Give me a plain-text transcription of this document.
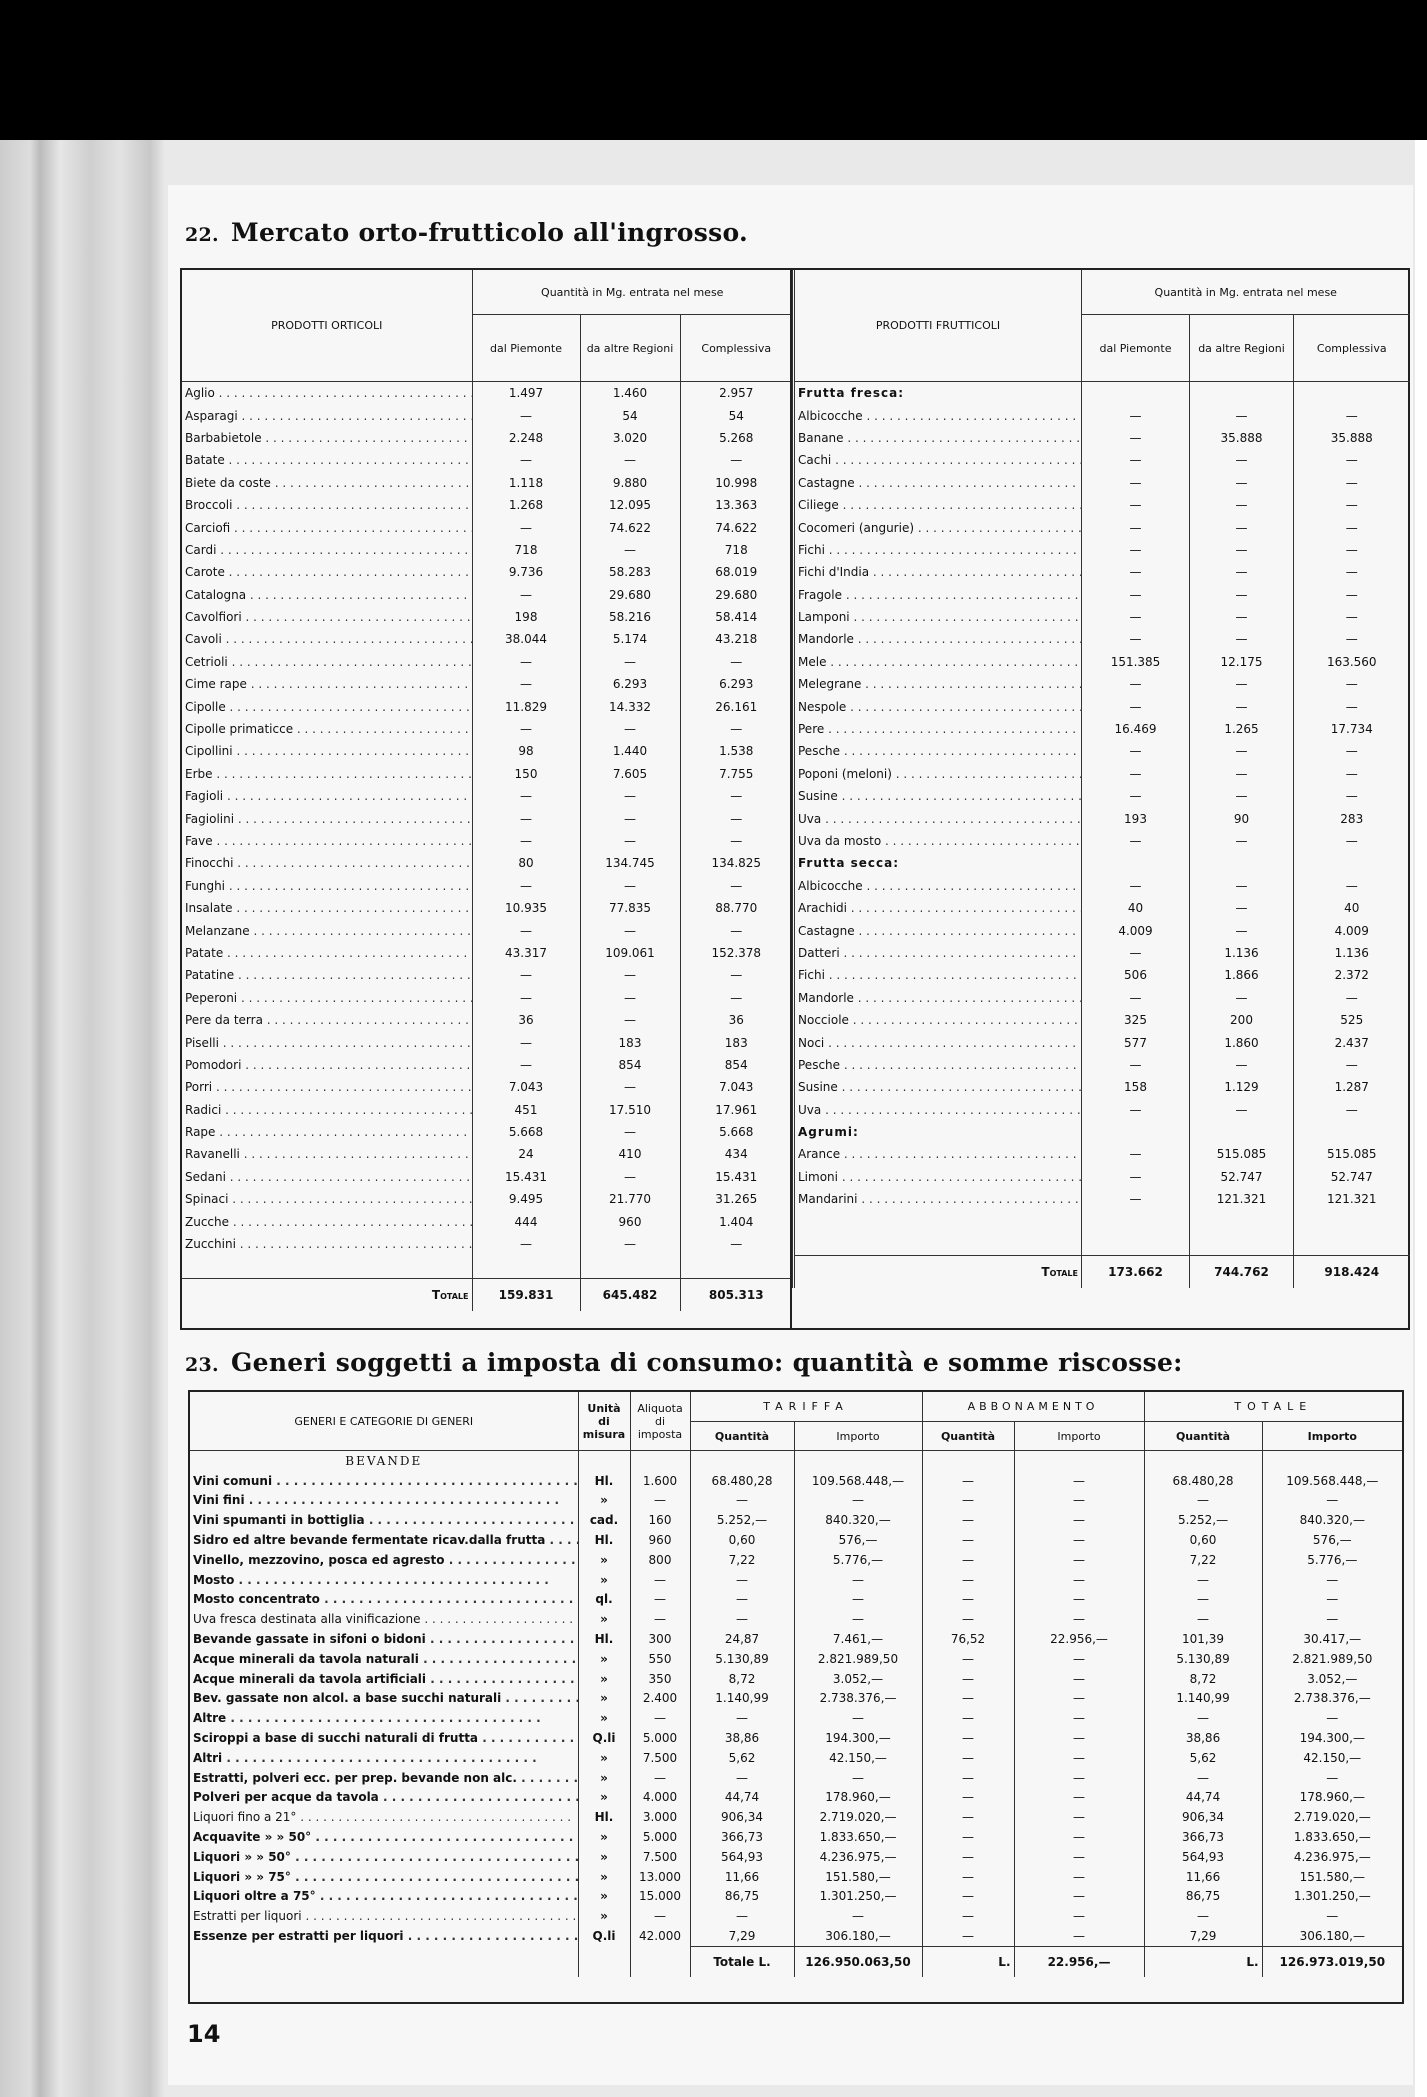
22. Mercato orto-frutticolo all'ingrosso.
PRODOTTI ORTICOLI	Quantità in Mg. entrata nel mese		
	dal Piemonte	da altre Regioni	Complessiva
Aglio . . .	1.497	1.460	2.957
Asparagi . . .	—	54	54
Barbabietole . . .	2.248	3.020	5.268
Batate . . .	—	—	—
Biete da coste . . .	1.118	9.880	10.998
Broccoli . . .	1.268	12.095	13.363
Carciofi . . .	—	74.622	74.622
Cardi . . .	718	—	718
Carote . . .	9.736	58.283	68.019
Catalogna . . .	—	29.680	29.680
Cavolfiori . . .	198	58.216	58.414
Cavoli . . .	38.044	5.174	43.218
Cetrioli . . .	—	—	—
Cime rape . . .	—	6.293	6.293
Cipolle . . .	11.829	14.332	26.161
Cipolle primaticce . . .	—	—	—
Cipollini . . .	98	1.440	1.538
Erbe . . .	150	7.605	7.755
Fagioli . . .	—	—	—
Fagiolini . . .	—	—	—
Fave . . .	—	—	—
Finocchi . . .	80	134.745	134.825
Funghi . . .	—	—	—
Insalate . . .	10.935	77.835	88.770
Melanzane . . .	—	—	—
Patate . . .	43.317	109.061	152.378
Patatine . . .	—	—	—
Peperoni . . .	—	—	—
Pere da terra . . .	36	—	36
Piselli . . .	—	183	183
Pomodori . . .	—	854	854
Porri . . .	7.043	—	7.043
Radici . . .	451	17.510	17.961
Rape . . .	5.668	—	5.668
Ravanelli . . .	24	410	434
Sedani . . .	15.431	—	15.431
Spinaci . . .	9.495	21.770	31.265
Zucche . . .	444	960	1.404
Zucchini . . .	—	—	—

Totale	159.831	645.482	805.313
PRODOTTI FRUTTICOLI	Quantità in Mg. entrata nel mese		
	dal Piemonte	da altre Regioni	Complessiva
Frutta fresca:			
Albicocche . . .	—	—	—
Banane . . .	—	35.888	35.888
Cachi . . .	—	—	—
Castagne . . .	—	—	—
Ciliege . . .	—	—	—
Cocomeri (angurie) . . .	—	—	—
Fichi . . .	—	—	—
Fichi d'India . . .	—	—	—
Fragole . . .	—	—	—
Lamponi . . .	—	—	—
Mandorle . . .	—	—	—
Mele . . .	151.385	12.175	163.560
Melegrane . . .	—	—	—
Nespole . . .	—	—	—
Pere . . .	16.469	1.265	17.734
Pesche . . .	—	—	—
Poponi (meloni) . . .	—	—	—
Susine . . .	—	—	—
Uva . . .	193	90	283
Uva da mosto . . .	—	—	—
Frutta secca:			
Albicocche . . .	—	—	—
Arachidi . . .	40	—	40
Castagne . . .	4.009	—	4.009
Datteri . . .	—	1.136	1.136
Fichi . . .	506	1.866	2.372
Mandorle . . .	—	—	—
Nocciole . . .	325	200	525
Noci . . .	577	1.860	2.437
Pesche . . .	—	—	—
Susine . . .	158	1.129	1.287
Uva . . .	—	—	—
Agrumi:			
Arance . . .	—	515.085	515.085
Limoni . . .	—	52.747	52.747
Mandarini . . .	—	121.321	121.321

Totale	173.662	744.762	918.424
23. Generi soggetti a imposta di consumo: quantità e somme riscosse:
GENERI E CATEGORIE DI GENERI	Unità di misura	Aliquota di imposta	TARIFFA		ABBONAMENTO		TOTALE	
			Quantità	Importo	Quantità	Importo	Quantità	Importo
BEVANDE								
Vini comuni . . .	Hl.	1.600	68.480,28	109.568.448,—	—	—	68.480,28	109.568.448,—
Vini fini . . .	»	—	—	—	—	—	—	—
Vini spumanti in bottiglia . . .	cad.	160	5.252,—	840.320,—	—	—	5.252,—	840.320,—
Sidro ed altre bevande fermentate ricav.dalla frutta . . .	Hl.	960	0,60	576,—	—	—	0,60	576,—
Vinello, mezzovino, posca ed agresto . . .	»	800	7,22	5.776,—	—	—	7,22	5.776,—
Mosto . . .	»	—	—	—	—	—	—	—
Mosto concentrato . . .	ql.	—	—	—	—	—	—	—
Uva fresca destinata alla vinificazione . . .	»	—	—	—	—	—	—	—
Bevande gassate in sifoni o bidoni . . .	Hl.	300	24,87	7.461,—	76,52	22.956,—	101,39	30.417,—
Acque minerali da tavola naturali . . .	»	550	5.130,89	2.821.989,50	—	—	5.130,89	2.821.989,50
Acque minerali da tavola artificiali . . .	»	350	8,72	3.052,—	—	—	8,72	3.052,—
Bev. gassate non alcol. a base succhi naturali . . .	»	2.400	1.140,99	2.738.376,—	—	—	1.140,99	2.738.376,—
Altre . . .	»	—	—	—	—	—	—	—
Sciroppi a base di succhi naturali di frutta . . .	Q.li	5.000	38,86	194.300,—	—	—	38,86	194.300,—
Altri . . .	»	7.500	5,62	42.150,—	—	—	5,62	42.150,—
Estratti, polveri ecc. per prep. bevande non alc. . . .	»	—	—	—	—	—	—	—
Polveri per acque da tavola . . .	»	4.000	44,74	178.960,—	—	—	44,74	178.960,—
Liquori fino a 21° . . .	Hl.	3.000	906,34	2.719.020,—	—	—	906,34	2.719.020,—
Acquavite » » 50° . . .	»	5.000	366,73	1.833.650,—	—	—	366,73	1.833.650,—
Liquori » » 50° . . .	»	7.500	564,93	4.236.975,—	—	—	564,93	4.236.975,—
Liquori » » 75° . . .	»	13.000	11,66	151.580,—	—	—	11,66	151.580,—
Liquori oltre a 75° . . .	»	15.000	86,75	1.301.250,—	—	—	86,75	1.301.250,—
Estratti per liquori . . .	»	—	—	—	—	—	—	—
Essenze per estratti per liquori . . .	Q.li	42.000	7,29	306.180,—	—	—	7,29	306.180,—
			Totale L.	126.950.063,50	L.	22.956,—	L.	126.973.019,50
14
